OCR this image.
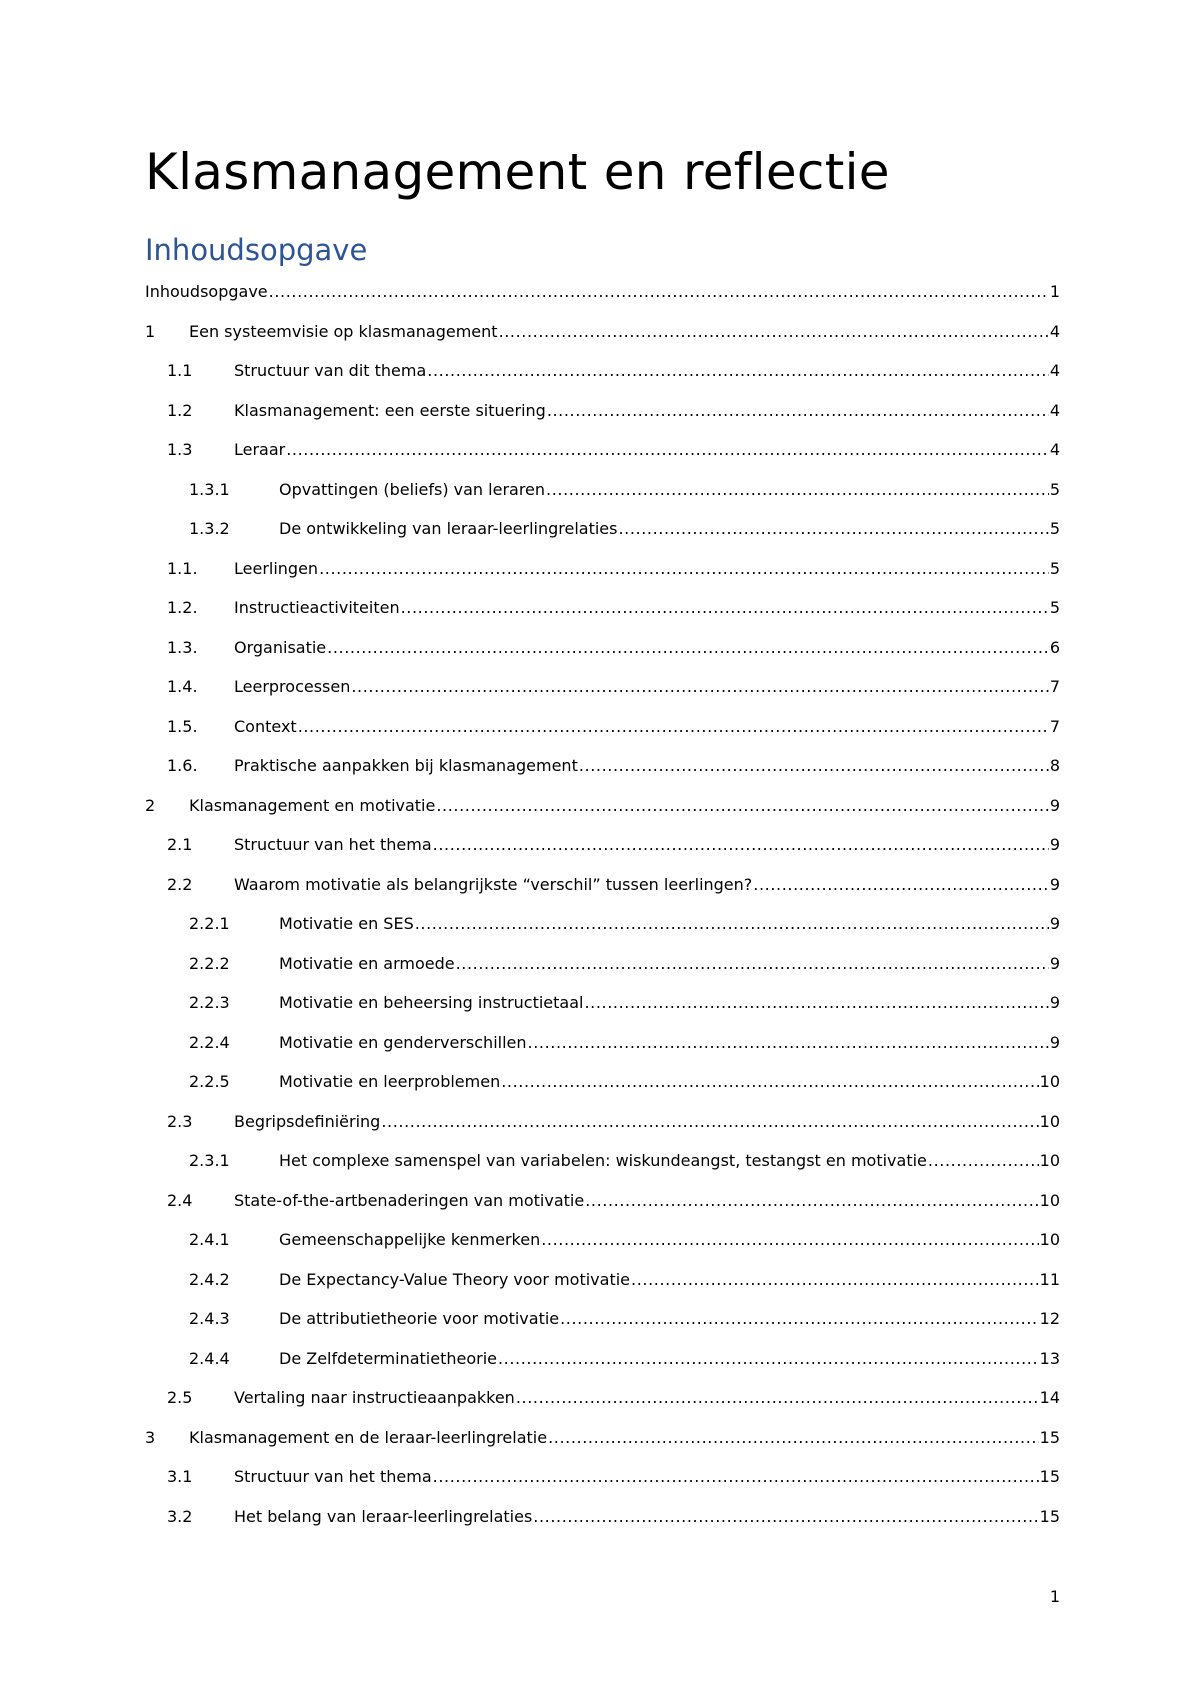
Klasmanagement en reflectie
Inhoudsopgave
Inhoudsopgave .....	1
1	Een systeemvisie op klasmanagement .....	4
1.1	Structuur van dit thema .....	4
1.2	Klasmanagement: een eerste situering .....	4
1.3	Leraar .....	4
1.3.1	Opvattingen (beliefs) van leraren .....	5
1.3.2	De ontwikkeling van leraar-leerlingrelaties .....	5
1.1.	Leerlingen .....	5
1.2.	Instructieactiviteiten .....	5
1.3.	Organisatie .....	6
1.4.	Leerprocessen .....	7
1.5.	Context .....	7
1.6.	Praktische aanpakken bij klasmanagement .....	8
2	Klasmanagement en motivatie .....	9
2.1	Structuur van het thema .....	9
2.2	Waarom motivatie als belangrijkste “verschil” tussen leerlingen? .....	9
2.2.1	Motivatie en SES .....	9
2.2.2	Motivatie en armoede .....	9
2.2.3	Motivatie en beheersing instructietaal .....	9
2.2.4	Motivatie en genderverschillen .....	9
2.2.5	Motivatie en leerproblemen .....	10
2.3	Begripsdefiniëring .....	10
2.3.1	Het complexe samenspel van variabelen: wiskundeangst, testangst en motivatie .....	10
2.4	State-of-the-artbenaderingen van motivatie .....	10
2.4.1	Gemeenschappelijke kenmerken .....	10
2.4.2	De Expectancy-Value Theory voor motivatie .....	11
2.4.3	De attributietheorie voor motivatie .....	12
2.4.4	De Zelfdeterminatietheorie .....	13
2.5	Vertaling naar instructieaanpakken .....	14
3	Klasmanagement en de leraar-leerlingrelatie .....	15
3.1	Structuur van het thema .....	15
3.2	Het belang van leraar-leerlingrelaties .....	15
1
